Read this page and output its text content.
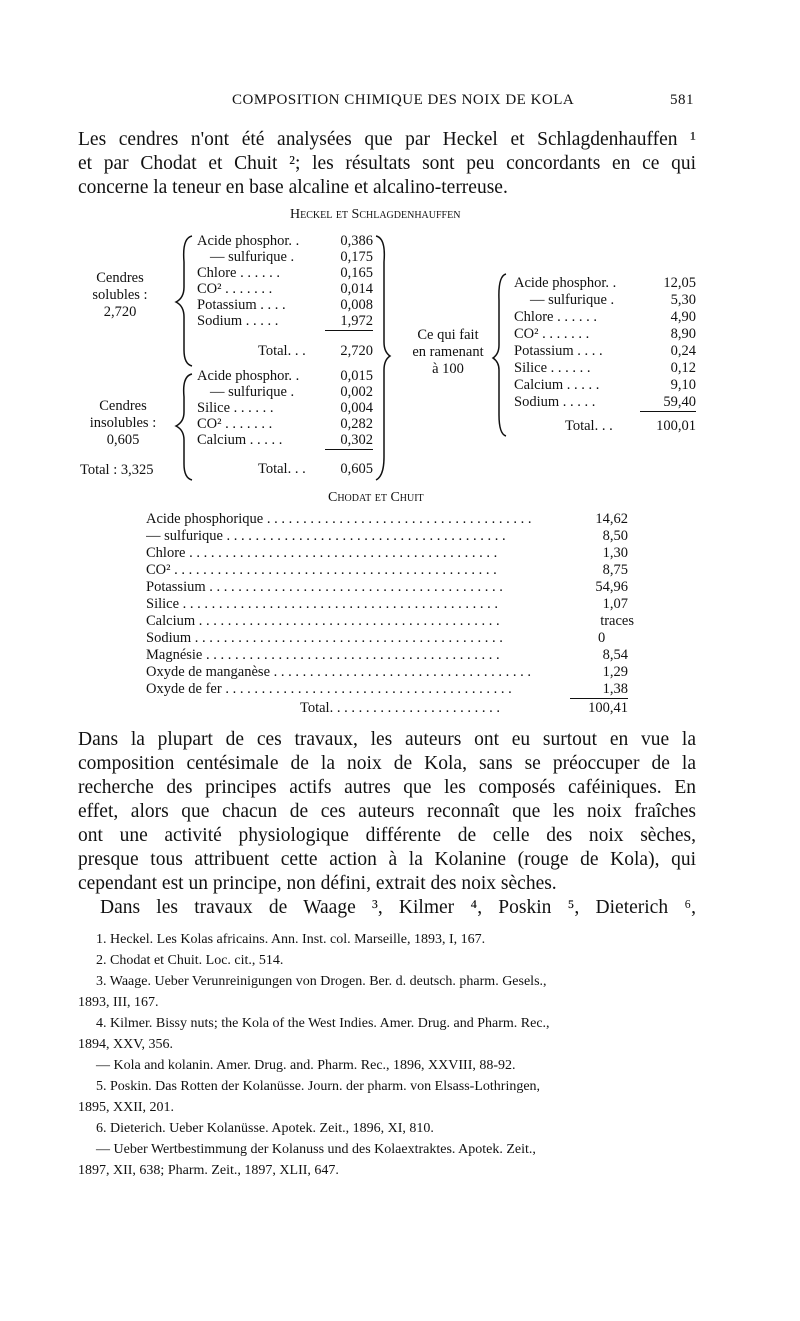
COMPOSITION CHIMIQUE DES NOIX DE KOLA	581

Les cendres n'ont été analysées que par Heckel et Schlagdenhauffen ¹

et par Chodat et Chuit ²; les résultats sont peu concordants en ce qui

concerne la teneur en base alcaline et alcalino-terreuse.

Heckel et Schlagdenhauffen
Cendres
solubles :
2,720
Cendres
insolubles :
0,605
Total : 3,325
Acide phosphor. .	0,386
— sulfurique .	0,175
Chlore . . . . . .	0,165
CO² . . . . . . .	0,014
Potassium . . . .	0,008
Sodium . . . . .	1,972
Total. . .	2,720
Acide phosphor. .	0,015
— sulfurique .	0,002
Silice . . . . . .	0,004
CO² . . . . . . .	0,282
Calcium . . . . .	0,302
Total. . .	0,605
Ce qui fait
en ramenant
à 100
Acide phosphor. .	12,05
— sulfurique .	5,30
Chlore . . . . . .	4,90
CO² . . . . . . .	8,90
Potassium . . . .	0,24
Silice . . . . . .	0,12
Calcium . . . . .	9,10
Sodium . . . . .	59,40
Total. . .	100,01
Chodat et Chuit
Acide phosphorique . . . . . . . . . . . . . . . . . . . . . . . . . . . . . . . . . . . . .	14,62
— sulfurique . . . . . . . . . . . . . . . . . . . . . . . . . . . . . . . . . . . . . . .	8,50
Chlore . . . . . . . . . . . . . . . . . . . . . . . . . . . . . . . . . . . . . . . . . . .	1,30
CO² . . . . . . . . . . . . . . . . . . . . . . . . . . . . . . . . . . . . . . . . . . . . .	8,75
Potassium . . . . . . . . . . . . . . . . . . . . . . . . . . . . . . . . . . . . . . . . .	54,96
Silice . . . . . . . . . . . . . . . . . . . . . . . . . . . . . . . . . . . . . . . . . . . .	1,07
Calcium . . . . . . . . . . . . . . . . . . . . . . . . . . . . . . . . . . . . . . . . . .	traces
Sodium . . . . . . . . . . . . . . . . . . . . . . . . . . . . . . . . . . . . . . . . . . .	0
Magnésie . . . . . . . . . . . . . . . . . . . . . . . . . . . . . . . . . . . . . . . . .	8,54
Oxyde de manganèse . . . . . . . . . . . . . . . . . . . . . . . . . . . . . . . . . . . .	1,29
Oxyde de fer . . . . . . . . . . . . . . . . . . . . . . . . . . . . . . . . . . . . . . . .	1,38
Total. . . . . . . . . . . . . . . . . . . . . . . .	100,41

Dans la plupart de ces travaux, les auteurs ont eu surtout en vue la

composition centésimale de la noix de Kola, sans se préoccuper de la

recherche des principes actifs autres que les composés caféiniques. En

effet, alors que chacun de ces auteurs reconnaît que les noix fraîches

ont une activité physiologique différente de celle des noix sèches,

presque tous attribuent cette action à la Kolanine (rouge de Kola), qui

cependant est un principe, non défini, extrait des noix sèches.

Dans les travaux de Waage ³, Kilmer ⁴, Poskin ⁵, Dieterich ⁶,

1. Heckel. Les Kolas africains. Ann. Inst. col. Marseille, 1893, I, 167.
2. Chodat et Chuit. Loc. cit., 514.
3. Waage. Ueber Verunreinigungen von Drogen. Ber. d. deutsch. pharm. Gesels.,
1893, III, 167.
4. Kilmer. Bissy nuts; the Kola of the West Indies. Amer. Drug. and Pharm. Rec.,
1894, XXV, 356.
— Kola and kolanin. Amer. Drug. and. Pharm. Rec., 1896, XXVIII, 88-92.
5. Poskin. Das Rotten der Kolanüsse. Journ. der pharm. von Elsass-Lothringen,
1895, XXII, 201.
6. Dieterich. Ueber Kolanüsse. Apotek. Zeit., 1896, XI, 810.
— Ueber Wertbestimmung der Kolanuss und des Kolaextraktes. Apotek. Zeit.,
1897, XII, 638; Pharm. Zeit., 1897, XLII, 647.
